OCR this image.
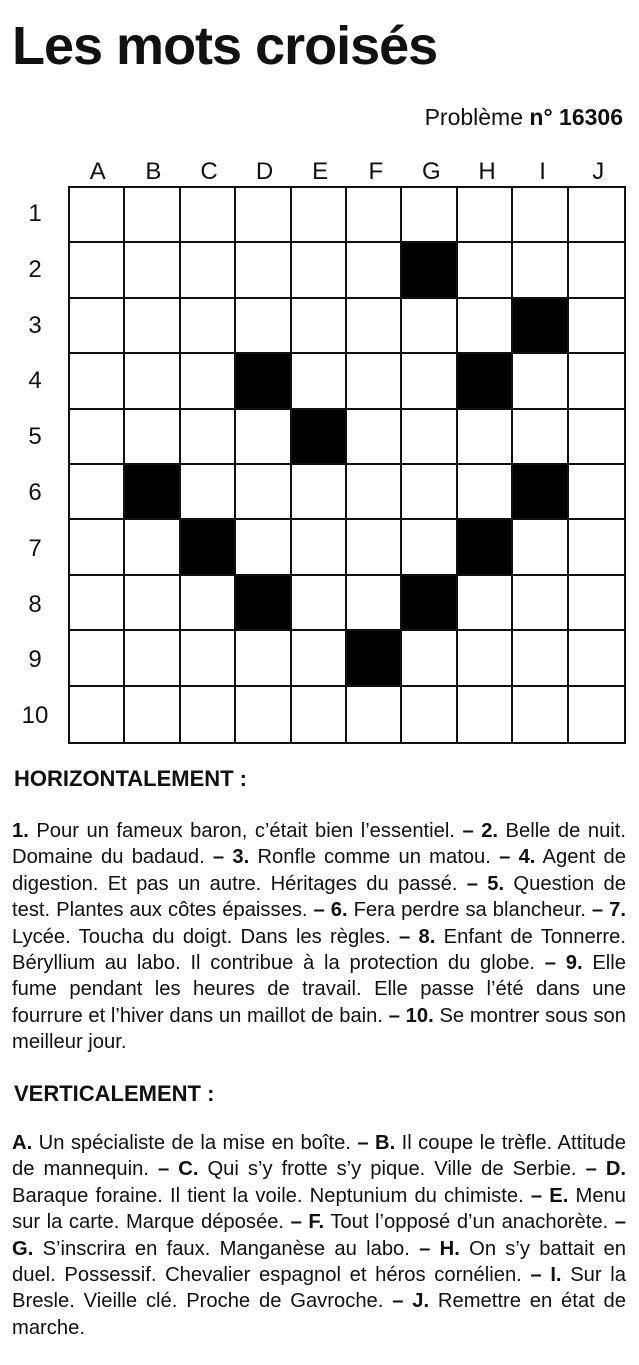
Les mots croisés
Problème n° 16306
A	B	C	D	E	F	G	H	I	J
1
2
3
4
5
6
7
8
9
10
HORIZONTALEMENT :

1. Pour un fameux baron, c’était bien l’essentiel. – 2. Belle de nuit. Domaine du badaud. – 3. Ronfle comme un matou. – 4. Agent de digestion. Et pas un autre. Héritages du passé. – 5. Question de test. Plantes aux côtes épaisses. – 6. Fera perdre sa blancheur. – 7. Lycée. Toucha du doigt. Dans les règles. – 8. Enfant de Tonnerre. Béryllium au labo. Il contribue à la protection du globe. – 9. Elle fume pendant les heures de travail. Elle passe l’été dans une fourrure et l’hiver dans un maillot de bain. – 10. Se montrer sous son meilleur jour.

VERTICALEMENT :

A. Un spécialiste de la mise en boîte. – B. Il coupe le trèfle. Attitude de mannequin. – C. Qui s’y frotte s’y pique. Ville de Serbie. – D. Baraque foraine. Il tient la voile. Neptunium du chimiste. – E. Menu sur la carte. Marque déposée. – F. Tout l’opposé d’un anachorète. – G. S’inscrira en faux. Manganèse au labo. – H. On s’y battait en duel. Possessif. Chevalier espagnol et héros cornélien. – I. Sur la Bresle. Vieille clé. Proche de Gavroche. – J. Remettre en état de marche.
